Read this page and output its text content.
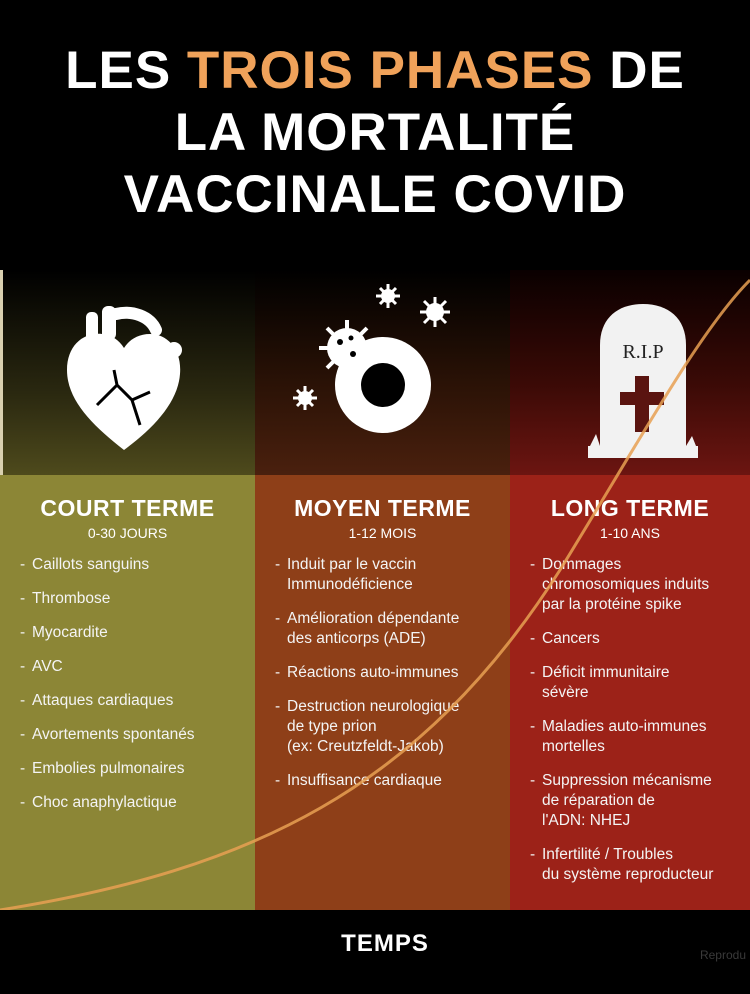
LES TROIS PHASES DE
LA MORTALITÉ
VACCINALE COVID
R.I.P
COURT TERME
0-30 JOURS
- Caillots sanguins
- Thrombose
- Myocardite
- AVC
- Attaques cardiaques
- Avortements spontanés
- Embolies pulmonaires
- Choc anaphylactique
MOYEN TERME
1-12 MOIS
- Induit par le vaccin
Immunodéficience
- Amélioration dépendante
des anticorps (ADE)
- Réactions auto-immunes
- Destruction neurologique
de type prion
(ex: Creutzfeldt-Jakob)
- Insuffisance cardiaque
LONG TERME
1-10 ANS
- Dommages
chromosomiques induits
par la protéine spike
- Cancers
- Déficit immunitaire
sévère
- Maladies auto-immunes
mortelles
- Suppression mécanisme
de réparation de
l'ADN: NHEJ
- Infertilité / Troubles
du système reproducteur
TEMPS	Reprodu
